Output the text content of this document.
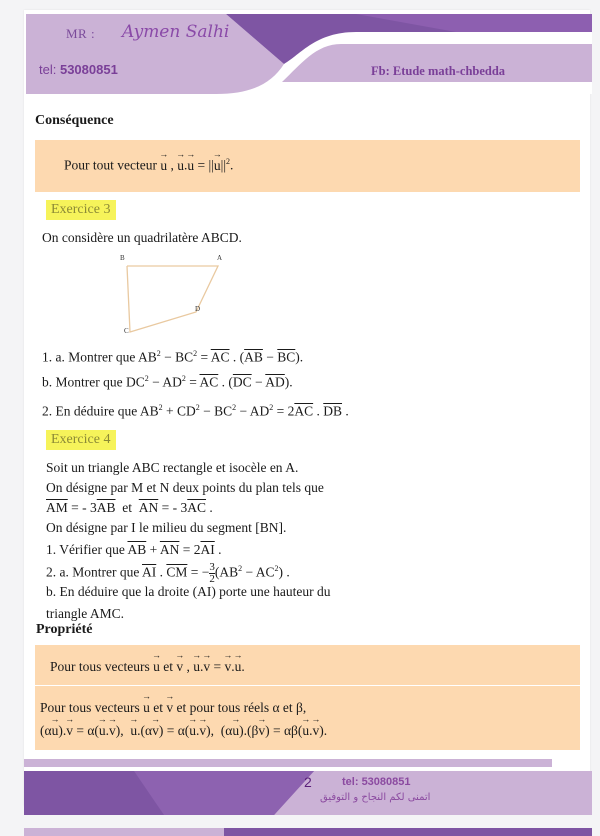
MR : Aymen Salhi
tel: 53080851	Fb: Etude math-chbedda
Conséquence
Pour tout vecteur → u , → u.→ u = ||→ $u||^2$.
Exercice 3
On considère un quadrilatère ABCD.
B	A
D
C
1. a. Montrer que $AB^2 - BC^2 = \overline{AC}$ . $(\overline{AB} - \overline{BC})$.
b. Montrer que $DC^2 - AD^2 = \overline{AC}$ . $(\overline{DC} - \overline{AD})$.
2. En déduire que $AB^2 + CD^2 - BC^2 - AD^2 = 2\overline{AC}$ . $\overline{DB}$ .
Exercice 4
Soit un triangle ABC rectangle et isocèle en A.
On désigne par M et N deux points du plan tels que
$\overline{AM}$ = - $3\overline{AB}$  et  $\overline{AN}$ = - $3\overline{AC}$ .
On désigne par I le milieu du segment [BN].
1. Vérifier que $\overline{AB} + \overline{AN} = 2\overline{AI}$ .
2. a. Montrer que $\overline{AI}$ . $\overline{CM}$ = − $\frac{3}{2} (AB^2 - AC^2)$ .
b. En déduire que la droite (AI) porte une hauteur du
triangle AMC.
Propriété
Pour tous vecteurs → u et → v , → u.→ v = → v.→ u.
Pour tous vecteurs → u et → v et pour tous réels α et β,
(α→ u).→ v = α(→ u.→ v),  → u.(α→ v) = α(→ u.→ v),  (α→ u).(β→ v) = αβ(→ u.→ v).
2	tel: 53080851
اتمنى لكم النجاح و التوفيق
